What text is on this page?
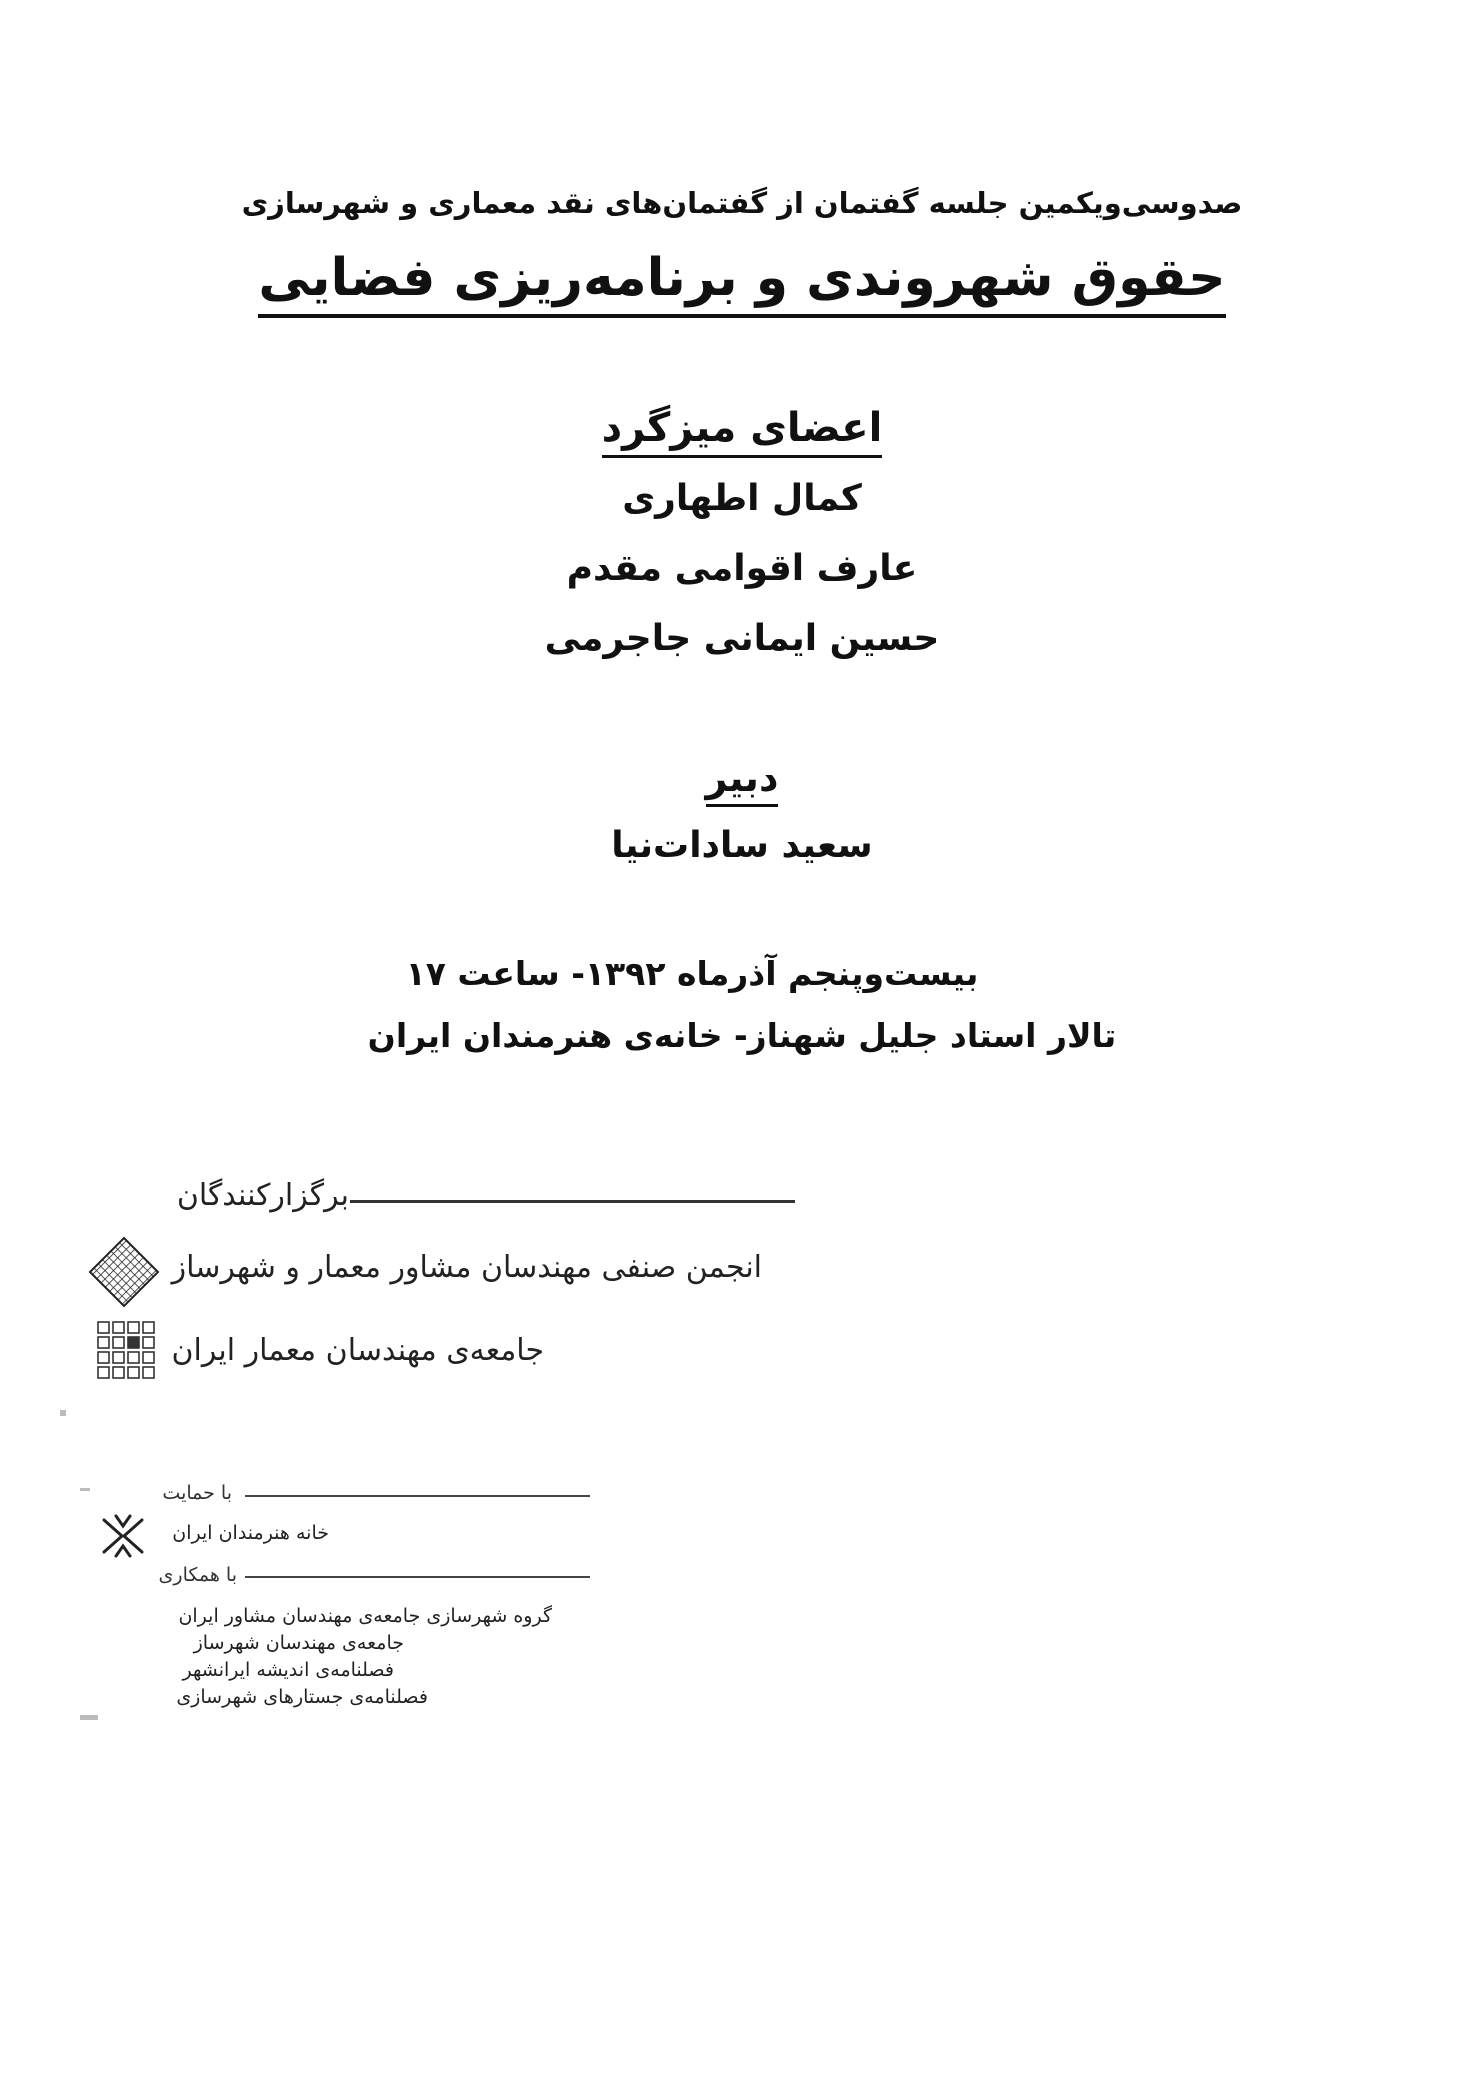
صدوسی‌ویکمین جلسه گفتمان از گفتمان‌های نقد معماری و شهرسازی
حقوق شهروندی و برنامه‌ریزی فضایی
اعضای میزگرد
کمال اطهاری
عارف اقوامی مقدم
حسین ایمانی جاجرمی
دبیر
سعید سادات‌نیا
بیست‌وپنجم آذرماه ۱۳۹۲- ساعت ۱۷
تالار استاد جلیل شهناز- خانه‌ی هنرمندان ایران
برگزارکنندگان
انجمن صنفی مهندسان مشاور معمار و شهرساز
جامعه‌ی مهندسان معمار ایران
با حمایت
خانه هنرمندان ایران
با همکاری
گروه شهرسازی جامعه‌ی مهندسان مشاور ایران
جامعه‌ی مهندسان شهرساز
فصلنامه‌ی اندیشه ایرانشهر
فصلنامه‌ی جستارهای شهرسازی
